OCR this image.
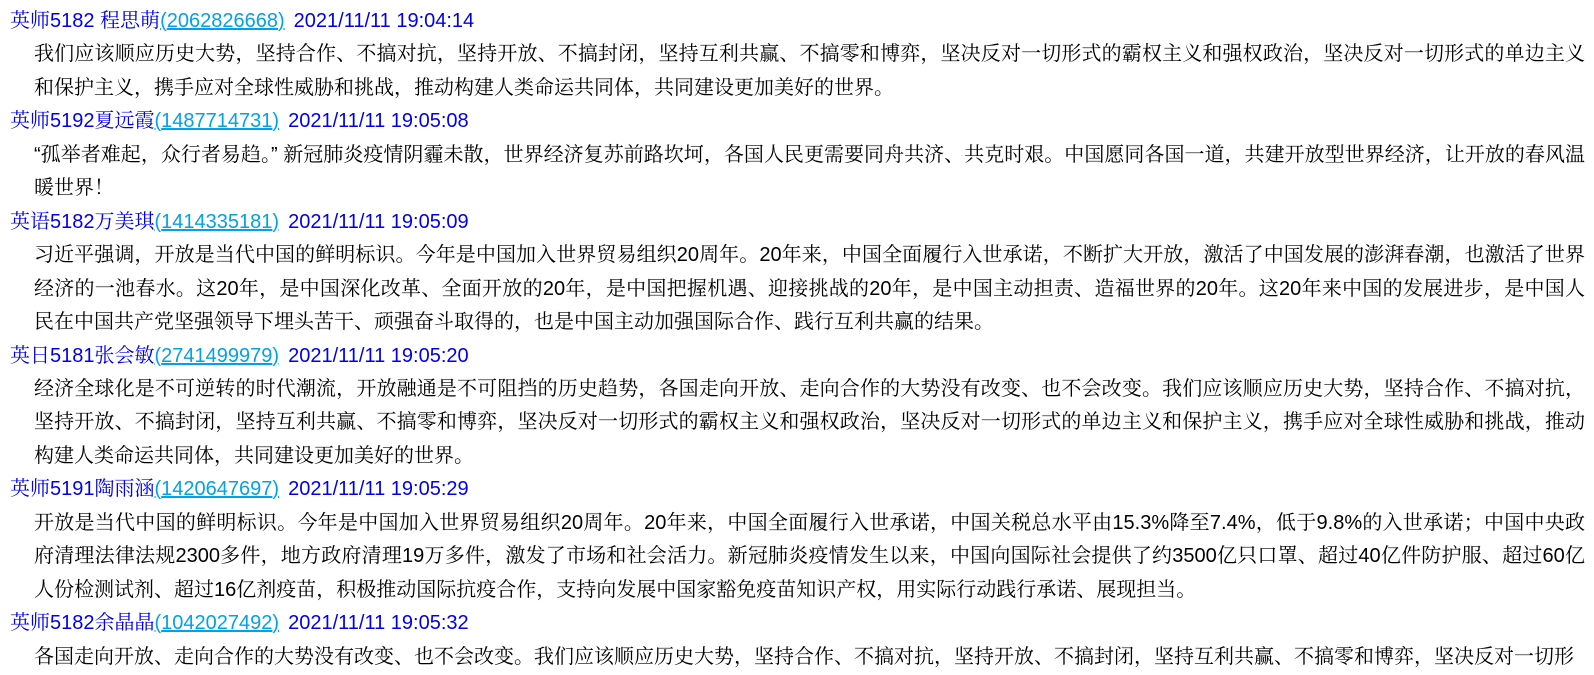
英师5182 程思萌 ( 2062826668 ) 2021/11/11 19:04:14
我们应该顺应历史大势，坚持合作、不搞对抗，坚持开放、不搞封闭，坚持互利共赢、不搞零和博弈，坚决反对一切形式的霸权主义和强权政治，坚决反对一切形式的单边主义和保护主义，携手应对全球性威胁和挑战，推动构建人类命运共同体，共同建设更加美好的世界。
英师5192夏远霞 ( 1487714731 ) 2021/11/11 19:05:08
“孤举者难起，众行者易趋。” 新冠肺炎疫情阴霾未散，世界经济复苏前路坎坷，各国人民更需要同舟共济、共克时艰。中国愿同各国一道，共建开放型世界经济，让开放的春风温暖世界！
英语5182万美琪 ( 1414335181 ) 2021/11/11 19:05:09
习近平强调，开放是当代中国的鲜明标识。今年是中国加入世界贸易组织20周年。20年来，中国全面履行入世承诺，不断扩大开放，激活了中国发展的澎湃春潮，也激活了世界经济的一池春水。这20年，是中国深化改革、全面开放的20年，是中国把握机遇、迎接挑战的20年，是中国主动担责、造福世界的20年。这20年来中国的发展进步，是中国人民在中国共产党坚强领导下埋头苦干、顽强奋斗取得的，也是中国主动加强国际合作、践行互利共赢的结果。
英日5181张会敏 ( 2741499979 ) 2021/11/11 19:05:20
经济全球化是不可逆转的时代潮流，开放融通是不可阻挡的历史趋势，各国走向开放、走向合作的大势没有改变、也不会改变。我们应该顺应历史大势，坚持合作、不搞对抗，坚持开放、不搞封闭，坚持互利共赢、不搞零和博弈，坚决反对一切形式的霸权主义和强权政治，坚决反对一切形式的单边主义和保护主义，携手应对全球性威胁和挑战，推动构建人类命运共同体，共同建设更加美好的世界。
英师5191陶雨涵 ( 1420647697 ) 2021/11/11 19:05:29
开放是当代中国的鲜明标识。今年是中国加入世界贸易组织20周年。20年来，中国全面履行入世承诺，中国关税总水平由15.3%降至7.4%，低于9.8%的入世承诺；中国中央政府清理法律法规2300多件，地方政府清理19万多件，激发了市场和社会活力。新冠肺炎疫情发生以来，中国向国际社会提供了约3500亿只口罩、超过40亿件防护服、超过60亿人份检测试剂、超过16亿剂疫苗，积极推动国际抗疫合作，支持向发展中国家豁免疫苗知识产权，用实际行动践行承诺、展现担当。
英师5182余晶晶 ( 1042027492 ) 2021/11/11 19:05:32
各国走向开放、走向合作的大势没有改变、也不会改变。我们应该顺应历史大势，坚持合作、不搞对抗，坚持开放、不搞封闭，坚持互利共赢、不搞零和博弈，坚决反对一切形
